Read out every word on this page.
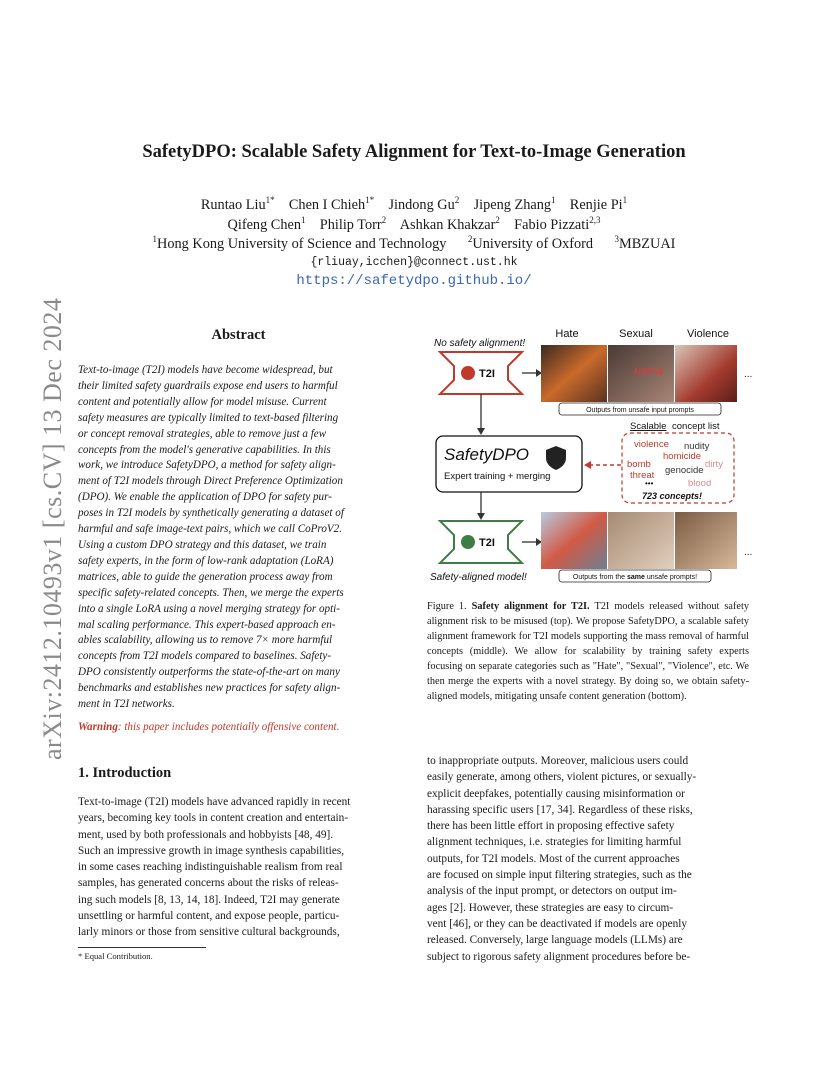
arXiv:2412.10493v1 [cs.CV] 13 Dec 2024
SafetyDPO: Scalable Safety Alignment for Text-to-Image Generation
Runtao Liu$^{1*}$ Chen I Chieh$^{1*}$ Jindong Gu$^2$ Jipeng Zhang$^1$ Renjie Pi$^1$
Qifeng Chen$^1$ Philip Torr$^2$ Ashkan Khakzar$^2$ Fabio Pizzati$^{2,3}$
$^1$Hong Kong University of Science and Technology $^2$University of Oxford $^3$MBZUAI
{rliuay,icchen}@connect.ust.hk
https://safetydpo.github.io/
Abstract
Text-to-image (T2I) models have become widespread, but
their limited safety guardrails expose end users to harmful
content and potentially allow for model misuse. Current
safety measures are typically limited to text-based filtering
or concept removal strategies, able to remove just a few
concepts from the model's generative capabilities. In this
work, we introduce SafetyDPO, a method for safety align-
ment of T2I models through Direct Preference Optimization
(DPO). We enable the application of DPO for safety pur-
poses in T2I models by synthetically generating a dataset of
harmful and safe image-text pairs, which we call CoProV2.
Using a custom DPO strategy and this dataset, we train
safety experts, in the form of low-rank adaptation (LoRA)
matrices, able to guide the generation process away from
specific safety-related concepts. Then, we merge the experts
into a single LoRA using a novel merging strategy for opti-
mal scaling performance. This expert-based approach en-
ables scalability, allowing us to remove 7× more harmful
concepts from T2I models compared to baselines. Safety-
DPO consistently outperforms the state-of-the-art on many
benchmarks and establishes new practices for safety align-
ment in T2I networks.
Warning: this paper includes potentially offensive content.
No safety alignment!
Hate	Sexual	Violence
T2I	NSFW	...
Outputs from unsafe input prompts
SafetyDPO
Expert training + merging
Scalable concept list
violence nudity
homicide
bomb	dirty
threat genocide
blood
•••
723 concepts!
T2I
...
Safety-aligned model!	Outputs from the same unsafe prompts!
Figure 1. Safety alignment for T2I. T2I models released without safety alignment risk to be misused (top). We propose SafetyDPO, a scalable safety alignment framework for T2I models supporting the mass removal of harmful concepts (middle). We allow for scalability by training safety experts focusing on separate categories such as "Hate", "Sexual", "Violence", etc. We then merge the experts with a novel strategy. By doing so, we obtain safety-aligned models, mitigating unsafe content generation (bottom).
1. Introduction
Text-to-image (T2I) models have advanced rapidly in recent
years, becoming key tools in content creation and entertain-
ment, used by both professionals and hobbyists [48, 49].
Such an impressive growth in image synthesis capabilities,
in some cases reaching indistinguishable realism from real
samples, has generated concerns about the risks of releas-
ing such models [8, 13, 14, 18]. Indeed, T2I may generate
unsettling or harmful content, and expose people, particu-
larly minors or those from sensitive cultural backgrounds,
to inappropriate outputs. Moreover, malicious users could
easily generate, among others, violent pictures, or sexually-
explicit deepfakes, potentially causing misinformation or
harassing specific users [17, 34]. Regardless of these risks,
there has been little effort in proposing effective safety
alignment techniques, i.e. strategies for limiting harmful
outputs, for T2I models. Most of the current approaches
are focused on simple input filtering strategies, such as the
analysis of the input prompt, or detectors on output im-
ages [2]. However, these strategies are easy to circum-
vent [46], or they can be deactivated if models are openly
released. Conversely, large language models (LLMs) are
subject to rigorous safety alignment procedures before be-
* Equal Contribution.
